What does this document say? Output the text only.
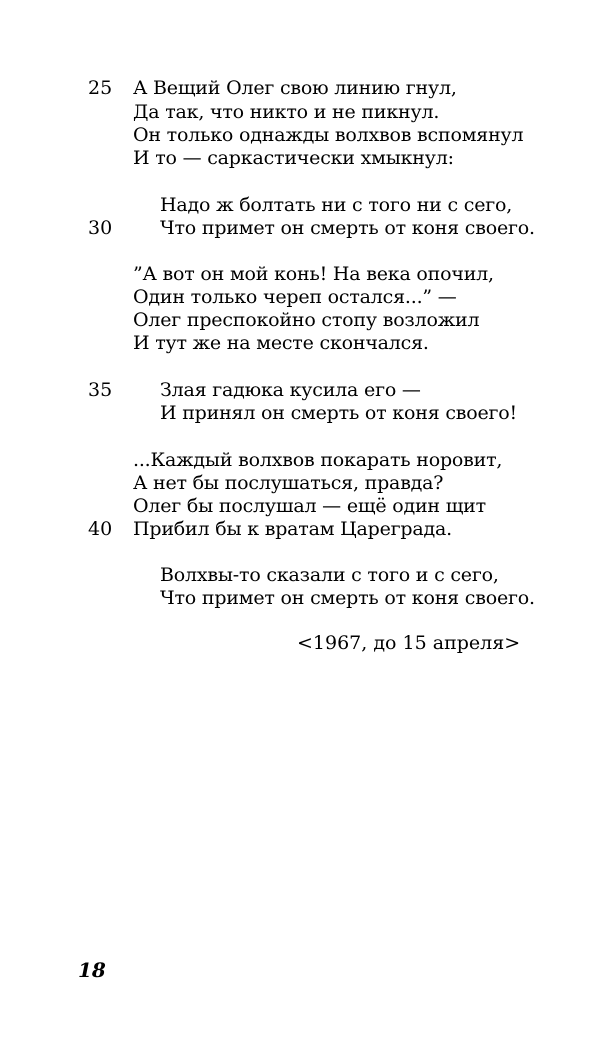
25 А Вещий Олег свою линию гнул,
Да так, что никто и не пикнул.
Он только однажды волхвов вспомянул
И то — саркастически хмыкнул:
Надо ж болтать ни с того ни с сего,
30	Что примет он смерть от коня своего.
”А вот он мой конь! На века опочил,
Один только череп остался...” —
Олег преспокойно стопу возложил
И тут же на месте скончался.
35	Злая гадюка кусила его —
И принял он смерть от коня своего!
...Каждый волхвов покарать норовит,
А нет бы послушаться, правда?
Олег бы послушал — ещё один щит
40 Прибил бы к вратам Цареграда.
Волхвы-то сказали с того и с сего,
Что примет он смерть от коня своего.
<1967, до 15 апреля>
18
